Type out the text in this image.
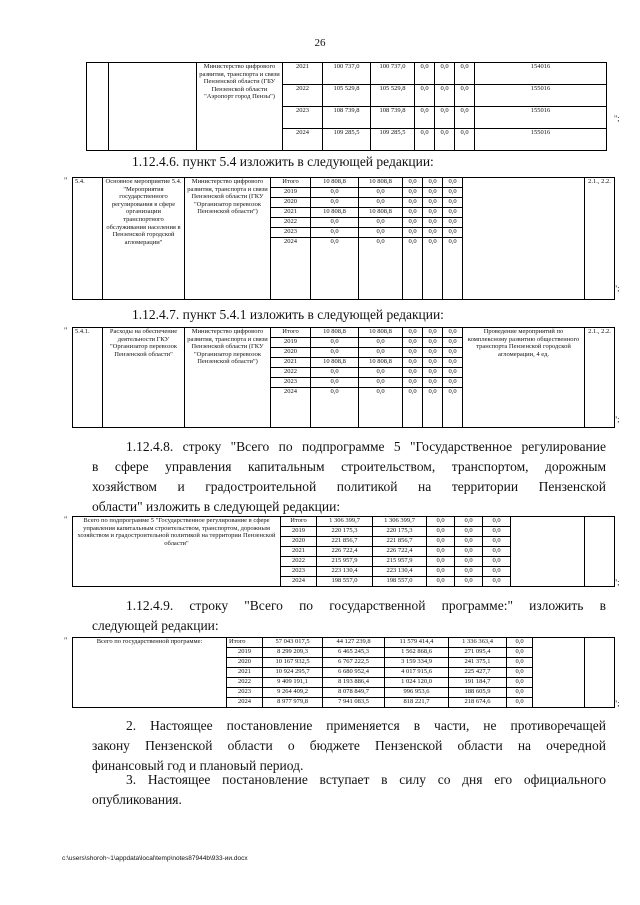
26
		Министерство цифрового развития, транспорта и связи Пензенской области (ГБУ Пензенской области "Аэропорт город Пензы")	2021	100 737,0	100 737,0	0,0	0,0	0,0	154016
			2022	105 529,8	105 529,8	0,0	0,0	0,0	155016
			2023	108 739,8	108 739,8	0,0	0,0	0,0	155016
			2024	109 285,5	109 285,5	0,0	0,0	0,0	155016
";
1.12.4.6. пункт 5.4 изложить в следующей редакции:
" 5.4.	Основное мероприятие 5.4. "Мероприятия государственного регулирования в сфере организации транспортного обслуживания населения в Пензенской городской агломерации"	Министерство цифрового развития, транспорта и связи Пензенской области (ГКУ "Организатор перевозок Пензенской области")	Итого	10 808,8	10 808,8	0,0	0,0	0,0		2.1., 2.2.
			2019	0,0	0,0	0,0	0,0	0,0		
			2020	0,0	0,0	0,0	0,0	0,0		
			2021	10 808,8	10 808,8	0,0	0,0	0,0		
			2022	0,0	0,0	0,0	0,0	0,0		
			2023	0,0	0,0	0,0	0,0	0,0		
			2024	0,0	0,0	0,0	0,0	0,0		
";
1.12.4.7. пункт 5.4.1 изложить в следующей редакции:
" 5.4.1.	Расходы на обеспечение деятельности ГКУ "Организатор перевозок Пензенской области"	Министерство цифрового развития, транспорта и связи Пензенской области (ГКУ "Организатор перевозок Пензенской области")	Итого	10 808,8	10 808,8	0,0	0,0	0,0	Проведение мероприятий по комплексному развитию общественного транспорта Пензенской городской агломерации, 4 ед.	2.1., 2.2.
			2019	0,0	0,0	0,0	0,0	0,0		
			2020	0,0	0,0	0,0	0,0	0,0		
			2021	10 808,8	10 808,8	0,0	0,0	0,0		
			2022	0,0	0,0	0,0	0,0	0,0		
			2023	0,0	0,0	0,0	0,0	0,0		
			2024	0,0	0,0	0,0	0,0	0,0		
";
1.12.4.8. строку "Всего по подпрограмме 5 "Государственное регулирование
в сфере управления капитальным строительством, транспортом, дорожным
хозяйством и градостроительной политикой на территории Пензенской
области" изложить в следующей редакции:
" Всего по подпрограмме 5 "Государственное регулирование в сфере управления капитальным строительством, транспортом, дорожным хозяйством и градостроительной политикой на территории Пензенской области"	Итого	1 306 399,7	1 306 399,7	0,0	0,0	0,0		
	2019	220 175,3	220 175,3	0,0	0,0	0,0		
	2020	221 856,7	221 856,7	0,0	0,0	0,0		
	2021	226 722,4	226 722,4	0,0	0,0	0,0		
	2022	215 957,9	215 957,9	0,0	0,0	0,0		
	2023	223 130,4	223 130,4	0,0	0,0	0,0		
	2024	198 557,0	198 557,0	0,0	0,0	0,0			";
1.12.4.9. строку "Всего по государственной программе:" изложить в
следующей редакции:
"	Всего по государственной программе:	Итого	57 043 017,5	44 127 239,8	11 579 414,4	1 336 363,4	0,0		
	2019	8 299 209,3	6 465 245,3	1 562 868,6	271 095,4	0,0		
	2020	10 167 932,5	6 767 222,5	3 159 334,9	241 375,1	0,0		
	2021	10 924 295,7	6 680 952,4	4 017 915,6	225 427,7	0,0		
	2022	9 409 191,1	8 193 886,4	1 024 120,0	191 184,7	0,0		
	2023	9 264 409,2	8 078 849,7	996 953,6	188 605,9	0,0		
	2024	8 977 979,8	7 941 083,5	818 221,7	218 674,6	0,0			";
2. Настоящее постановление применяется в части, не противоречащей
закону Пензенской области о бюджете Пензенской области на очередной
финансовый год и плановый период.
3. Настоящее постановление вступает в силу со дня его официального
опубликования.
c:\users\shoroh~1\appdata\local\temp\notes87944b\933-ии.docx
